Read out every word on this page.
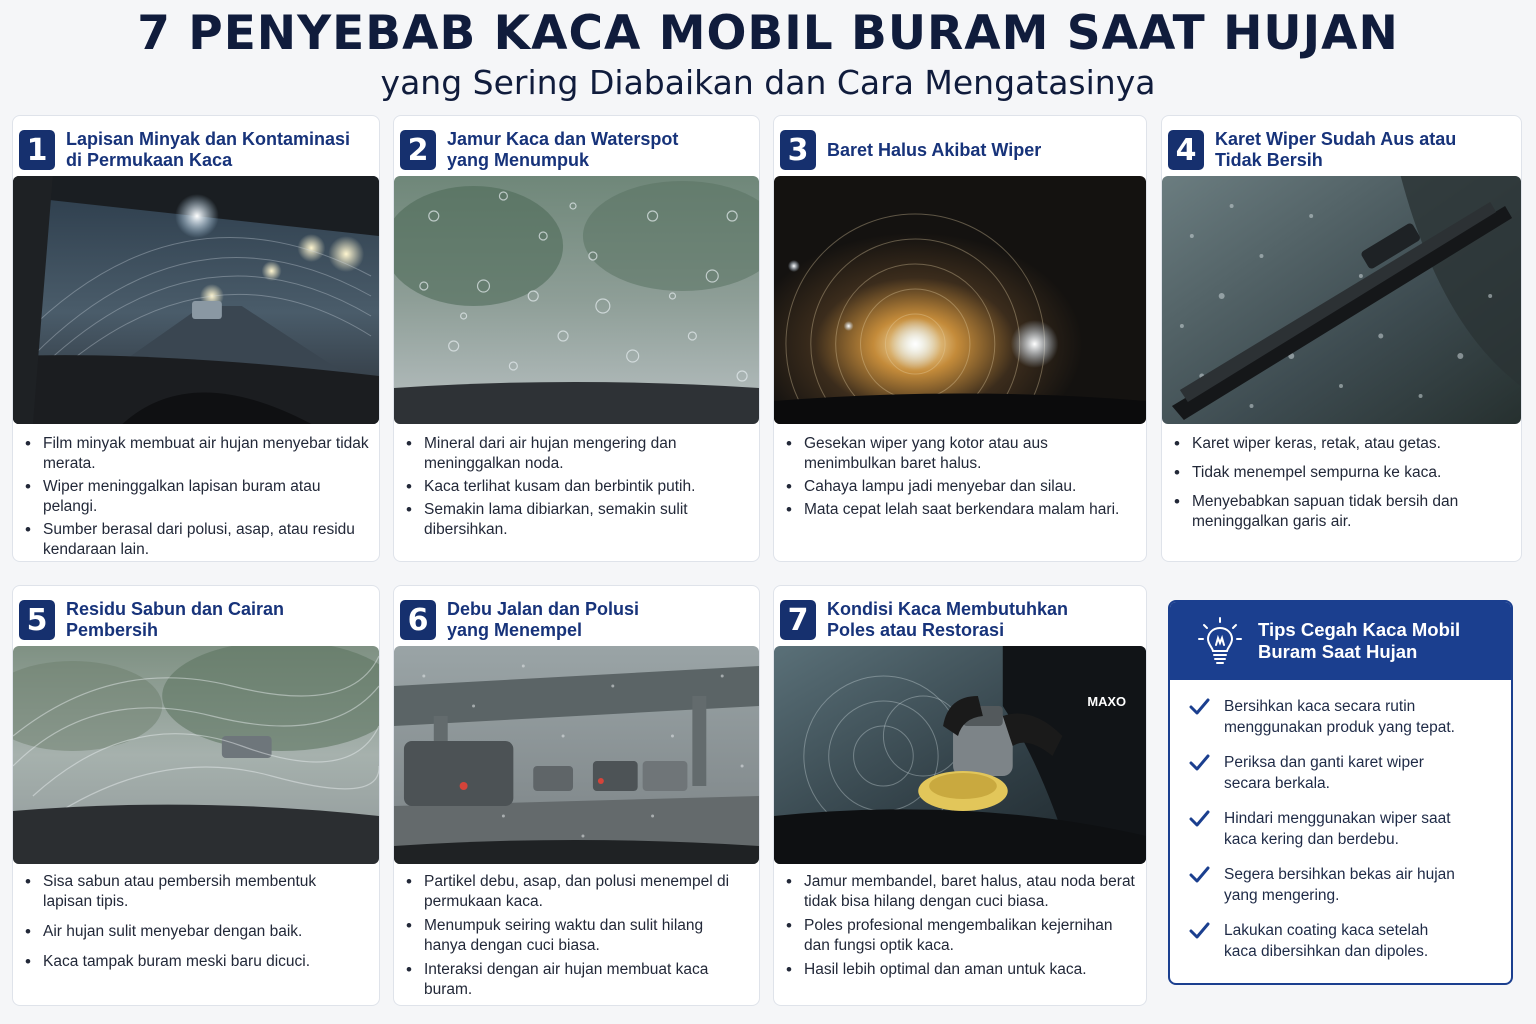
7 PENYEBAB KACA MOBIL BURAM SAAT HUJAN
yang Sering Diabaikan dan Cara Mengatasinya
1	Lapisan Minyak dan Kontaminasi
di Permukaan Kaca
• Film minyak membuat air hujan menyebar tidak merata.
• Wiper meninggalkan lapisan buram atau pelangi.
• Sumber berasal dari polusi, asap, atau residu kendaraan lain.
2	Jamur Kaca dan Waterspot
yang Menumpuk
• Mineral dari air hujan mengering dan meninggalkan noda.
• Kaca terlihat kusam dan berbintik putih.
• Semakin lama dibiarkan, semakin sulit dibersihkan.
3	Baret Halus Akibat Wiper
• Gesekan wiper yang kotor atau aus menimbulkan baret halus.
• Cahaya lampu jadi menyebar dan silau.
• Mata cepat lelah saat berkendara malam hari.
4	Karet Wiper Sudah Aus atau
Tidak Bersih
• Karet wiper keras, retak, atau getas.
• Tidak menempel sempurna ke kaca.
• Menyebabkan sapuan tidak bersih dan meninggalkan garis air.
5	Residu Sabun dan Cairan
Pembersih
• Sisa sabun atau pembersih membentuk lapisan tipis.
• Air hujan sulit menyebar dengan baik.
• Kaca tampak buram meski baru dicuci.
6	Debu Jalan dan Polusi
yang Menempel
• Partikel debu, asap, dan polusi menempel di permukaan kaca.
• Menumpuk seiring waktu dan sulit hilang hanya dengan cuci biasa.
• Interaksi dengan air hujan membuat kaca buram.
7	Kondisi Kaca Membutuhkan
Poles atau Restorasi
MAXO
• Jamur membandel, baret halus, atau noda berat tidak bisa hilang dengan cuci biasa.
• Poles profesional mengembalikan kejernihan dan fungsi optik kaca.
• Hasil lebih optimal dan aman untuk kaca.
Tips Cegah Kaca Mobil
Buram Saat Hujan
Bersihkan kaca secara rutin
menggunakan produk yang tepat.
Periksa dan ganti karet wiper
secara berkala.
Hindari menggunakan wiper saat
kaca kering dan berdebu.
Segera bersihkan bekas air hujan
yang mengering.
Lakukan coating kaca setelah
kaca dibersihkan dan dipoles.
